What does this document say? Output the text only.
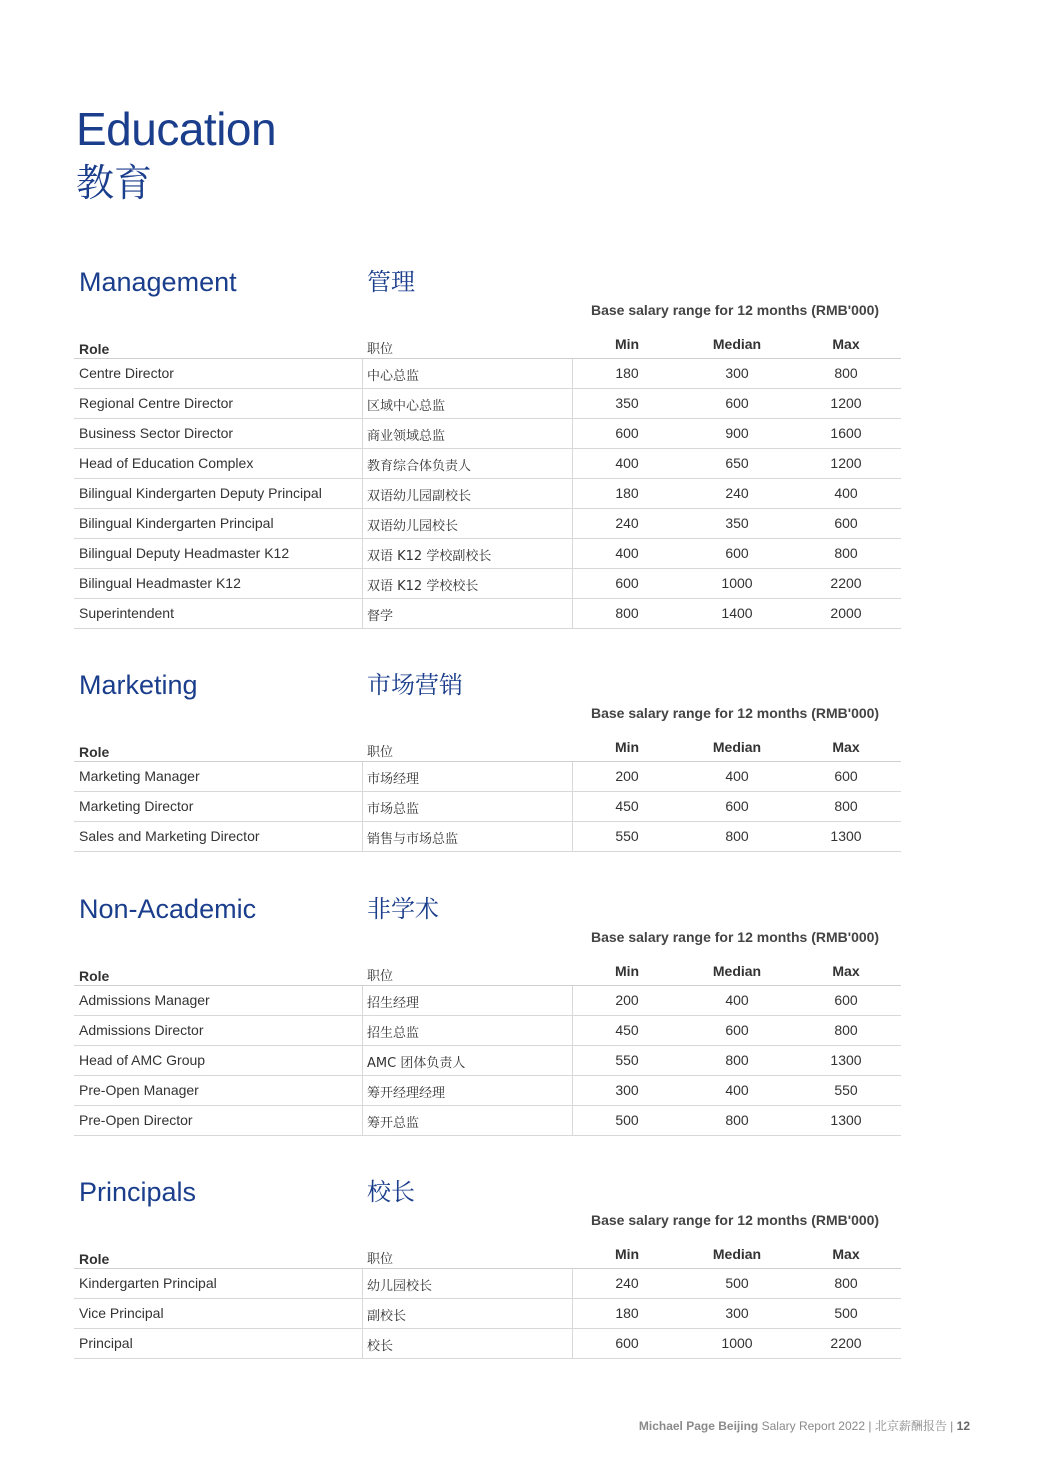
Education
教育
Management	管理
Base salary range for 12 months (RMB'000)
Role	职位	Min	Median	Max
Centre Director	中心总监	180	300	800
Regional Centre Director	区域中心总监	350	600	1200
Business Sector Director	商业领域总监	600	900	1600
Head of Education Complex	教育综合体负责人	400	650	1200
Bilingual Kindergarten Deputy Principal	双语幼儿园副校长	180	240	400
Bilingual Kindergarten Principal	双语幼儿园校长	240	350	600
Bilingual Deputy Headmaster K12	双语 K12 学校副校长	400	600	800
Bilingual Headmaster K12	双语 K12 学校校长	600	1000	2200
Superintendent	督学	800	1400	2000
Marketing	市场营销
Base salary range for 12 months (RMB'000)
Role	职位	Min	Median	Max
Marketing Manager	市场经理	200	400	600
Marketing Director	市场总监	450	600	800
Sales and Marketing Director	销售与市场总监	550	800	1300
Non-Academic	非学术
Base salary range for 12 months (RMB'000)
Role	职位	Min	Median	Max
Admissions Manager	招生经理	200	400	600
Admissions Director	招生总监	450	600	800
Head of AMC Group	AMC 团体负责人	550	800	1300
Pre-Open Manager	筹开经理经理	300	400	550
Pre-Open Director	筹开总监	500	800	1300
Principals	校长
Base salary range for 12 months (RMB'000)
Role	职位	Min	Median	Max
Kindergarten Principal	幼儿园校长	240	500	800
Vice Principal	副校长	180	300	500
Principal	校长	600	1000	2200
Michael Page Beijing Salary Report 2022 | 北京薪酬报告 | 12
